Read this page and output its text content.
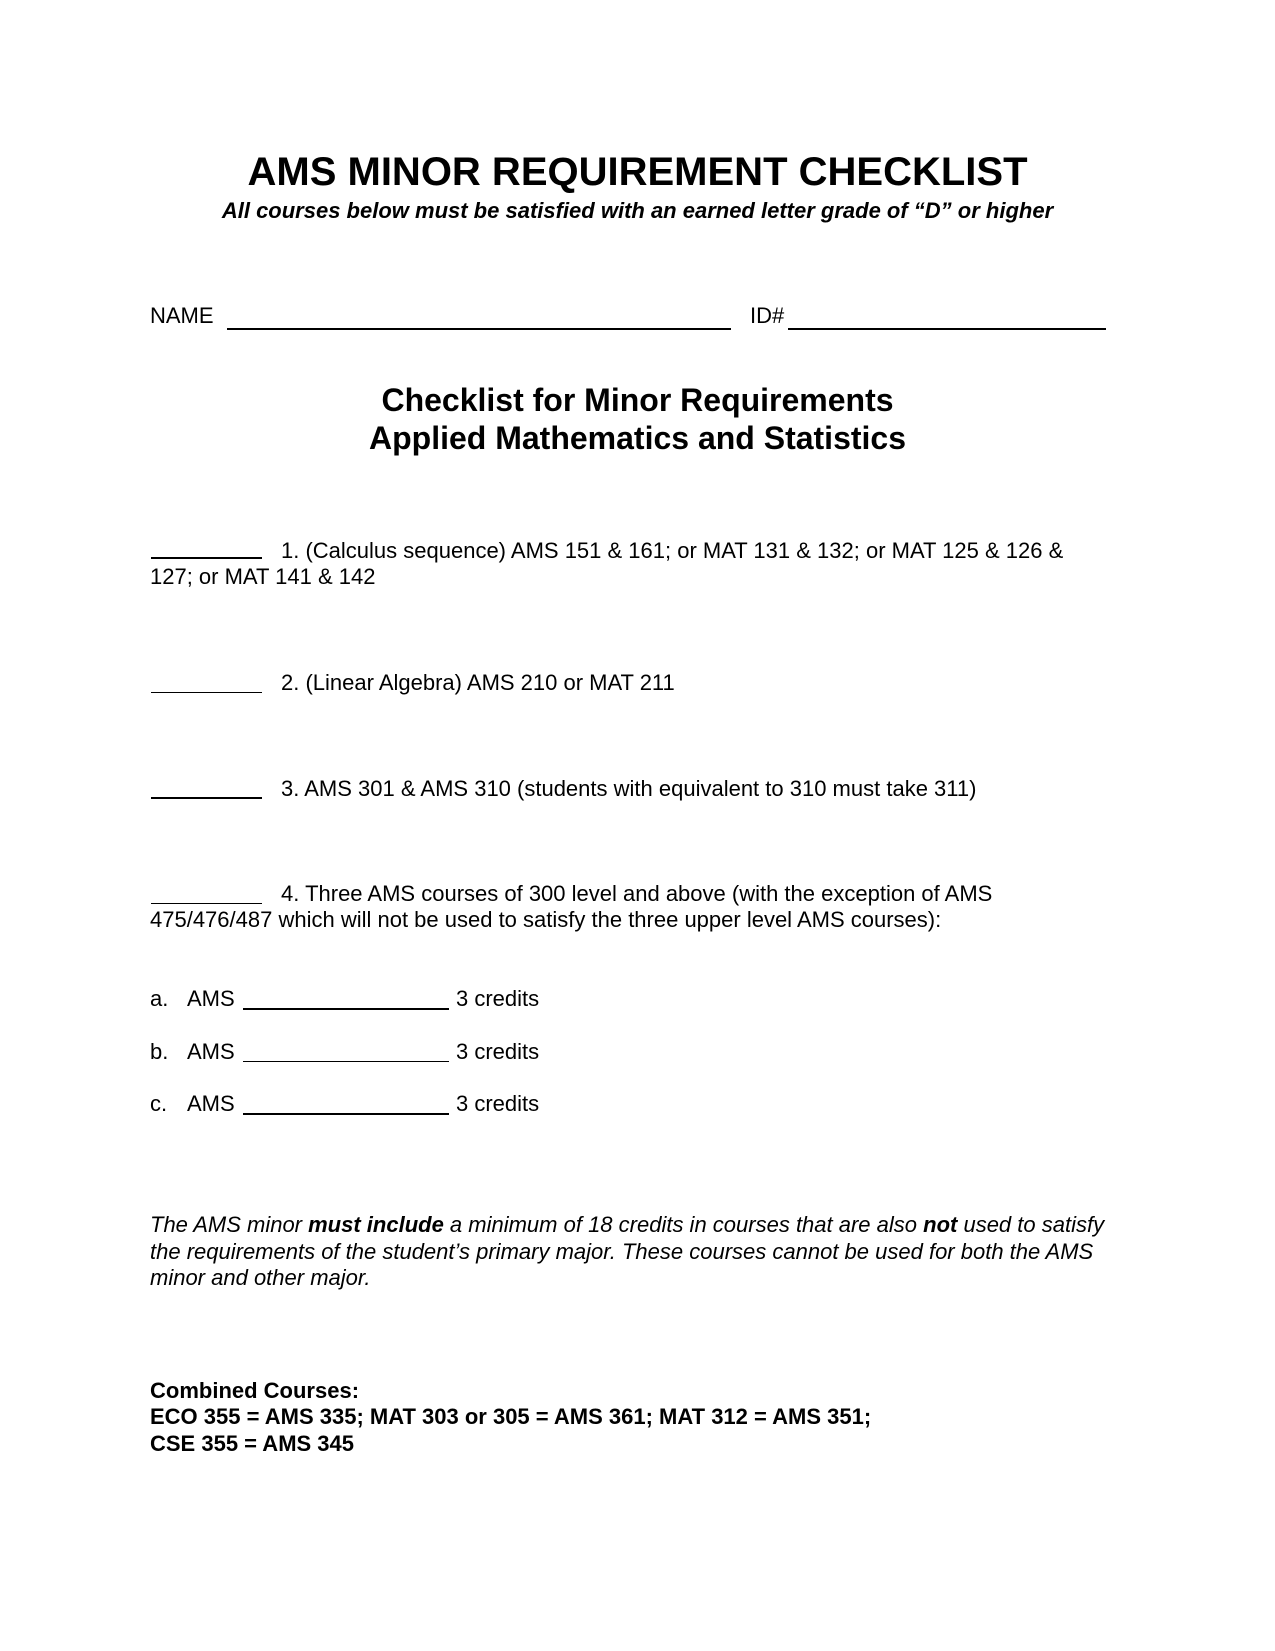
AMS MINOR REQUIREMENT CHECKLIST
All courses below must be satisfied with an earned letter grade of “D” or higher
NAME	ID#
Checklist for Minor Requirements
Applied Mathematics and Statistics
1. (Calculus sequence) AMS 151 & 161; or MAT 131 & 132; or MAT 125 & 126 &
127; or MAT 141 & 142
2. (Linear Algebra) AMS 210 or MAT 211
3. AMS 301 & AMS 310 (students with equivalent to 310 must take 311)
4. Three AMS courses of 300 level and above (with the exception of AMS
475/476/487 which will not be used to satisfy the three upper level AMS courses):
a. AMS	3 credits
b. AMS	3 credits
c. AMS	3 credits
The AMS minor must include a minimum of 18 credits in courses that are also not used to satisfy the requirements of the student’s primary major. These courses cannot be used for both the AMS minor and other major.
Combined Courses:
ECO 355 = AMS 335; MAT 303 or 305 = AMS 361; MAT 312 = AMS 351;
CSE 355 = AMS 345
